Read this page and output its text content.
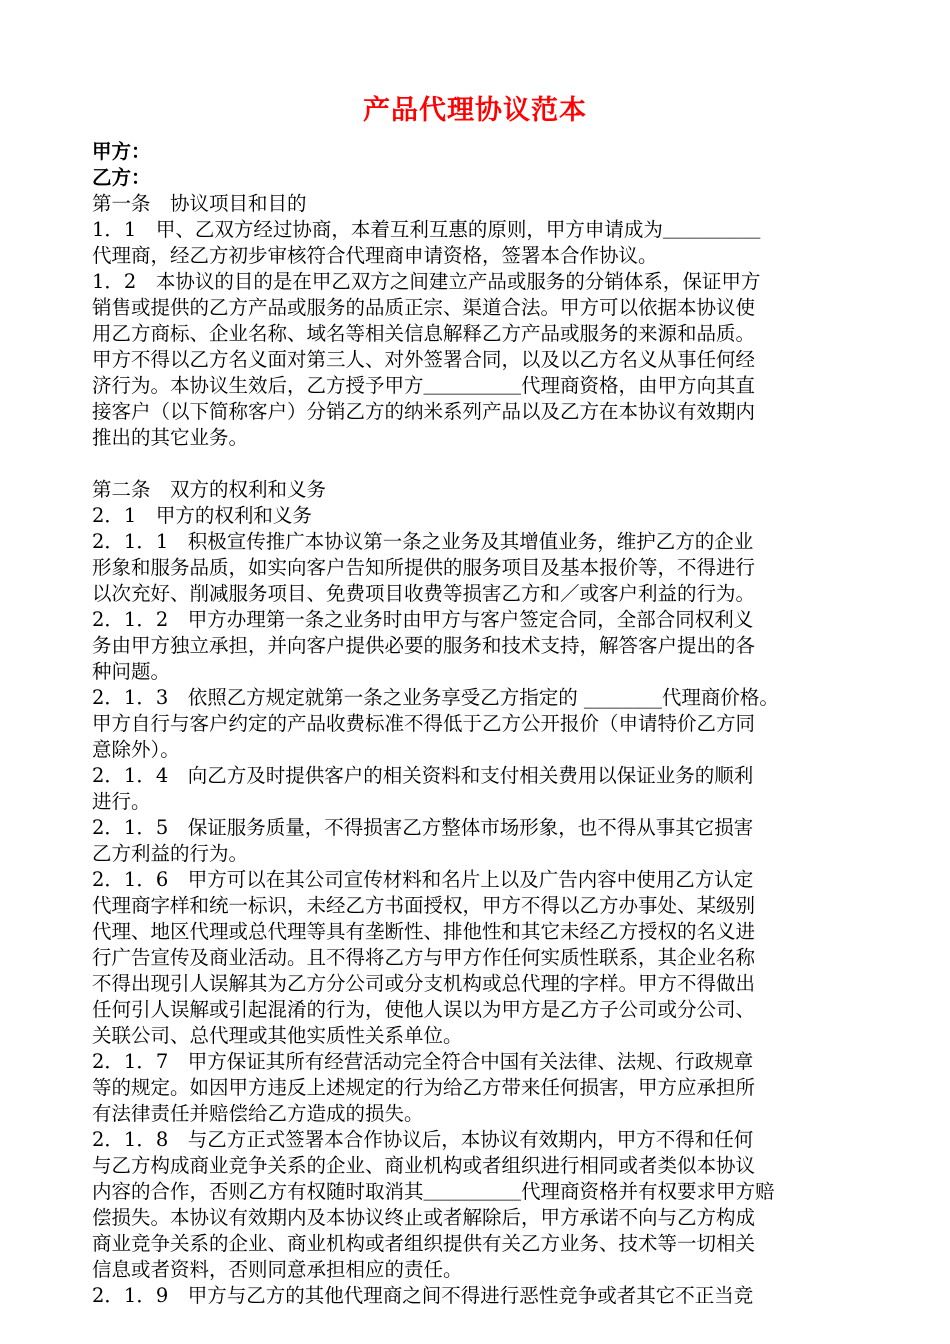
产品代理协议范本
甲方：
乙方：
第一条　协议项目和目的
1．1　甲、乙双方经过协商，本着互利互惠的原则，甲方申请成为＿＿＿＿＿
代理商，经乙方初步审核符合代理商申请资格，签署本合作协议。
1．2　本协议的目的是在甲乙双方之间建立产品或服务的分销体系，保证甲方
销售或提供的乙方产品或服务的品质正宗、渠道合法。甲方可以依据本协议使
用乙方商标、企业名称、域名等相关信息解释乙方产品或服务的来源和品质。
甲方不得以乙方名义面对第三人、对外签署合同，以及以乙方名义从事任何经
济行为。本协议生效后，乙方授予甲方＿＿＿＿＿代理商资格，由甲方向其直
接客户（以下简称客户）分销乙方的纳米系列产品以及乙方在本协议有效期内
推出的其它业务。
第二条　双方的权利和义务
2．1　甲方的权利和义务
2．1．1　积极宣传推广本协议第一条之业务及其增值业务，维护乙方的企业
形象和服务品质，如实向客户告知所提供的服务项目及基本报价等，不得进行
以次充好、削减服务项目、免费项目收费等损害乙方和／或客户利益的行为。
2．1．2　甲方办理第一条之业务时由甲方与客户签定合同，全部合同权利义
务由甲方独立承担，并向客户提供必要的服务和技术支持，解答客户提出的各
种问题。
2．1．3　依照乙方规定就第一条之业务享受乙方指定的 ________代理商价格。
甲方自行与客户约定的产品收费标准不得低于乙方公开报价（申请特价乙方同
意除外）。
2．1．4　向乙方及时提供客户的相关资料和支付相关费用以保证业务的顺利
进行。
2．1．5　保证服务质量，不得损害乙方整体市场形象，也不得从事其它损害
乙方利益的行为。
2．1．6　甲方可以在其公司宣传材料和名片上以及广告内容中使用乙方认定
代理商字样和统一标识，未经乙方书面授权，甲方不得以乙方办事处、某级别
代理、地区代理或总代理等具有垄断性、排他性和其它未经乙方授权的名义进
行广告宣传及商业活动。且不得将乙方与甲方作任何实质性联系，其企业名称
不得出现引人误解其为乙方分公司或分支机构或总代理的字样。甲方不得做出
任何引人误解或引起混淆的行为，使他人误以为甲方是乙方子公司或分公司、
关联公司、总代理或其他实质性关系单位。
2．1．7　甲方保证其所有经营活动完全符合中国有关法律、法规、行政规章
等的规定。如因甲方违反上述规定的行为给乙方带来任何损害，甲方应承担所
有法律责任并赔偿给乙方造成的损失。
2．1．8　与乙方正式签署本合作协议后，本协议有效期内，甲方不得和任何
与乙方构成商业竞争关系的企业、商业机构或者组织进行相同或者类似本协议
内容的合作，否则乙方有权随时取消其＿＿＿＿＿代理商资格并有权要求甲方赔
偿损失。本协议有效期内及本协议终止或者解除后，甲方承诺不向与乙方构成
商业竞争关系的企业、商业机构或者组织提供有关乙方业务、技术等一切相关
信息或者资料，否则同意承担相应的责任。
2．1．9　甲方与乙方的其他代理商之间不得进行恶性竞争或者其它不正当竞
